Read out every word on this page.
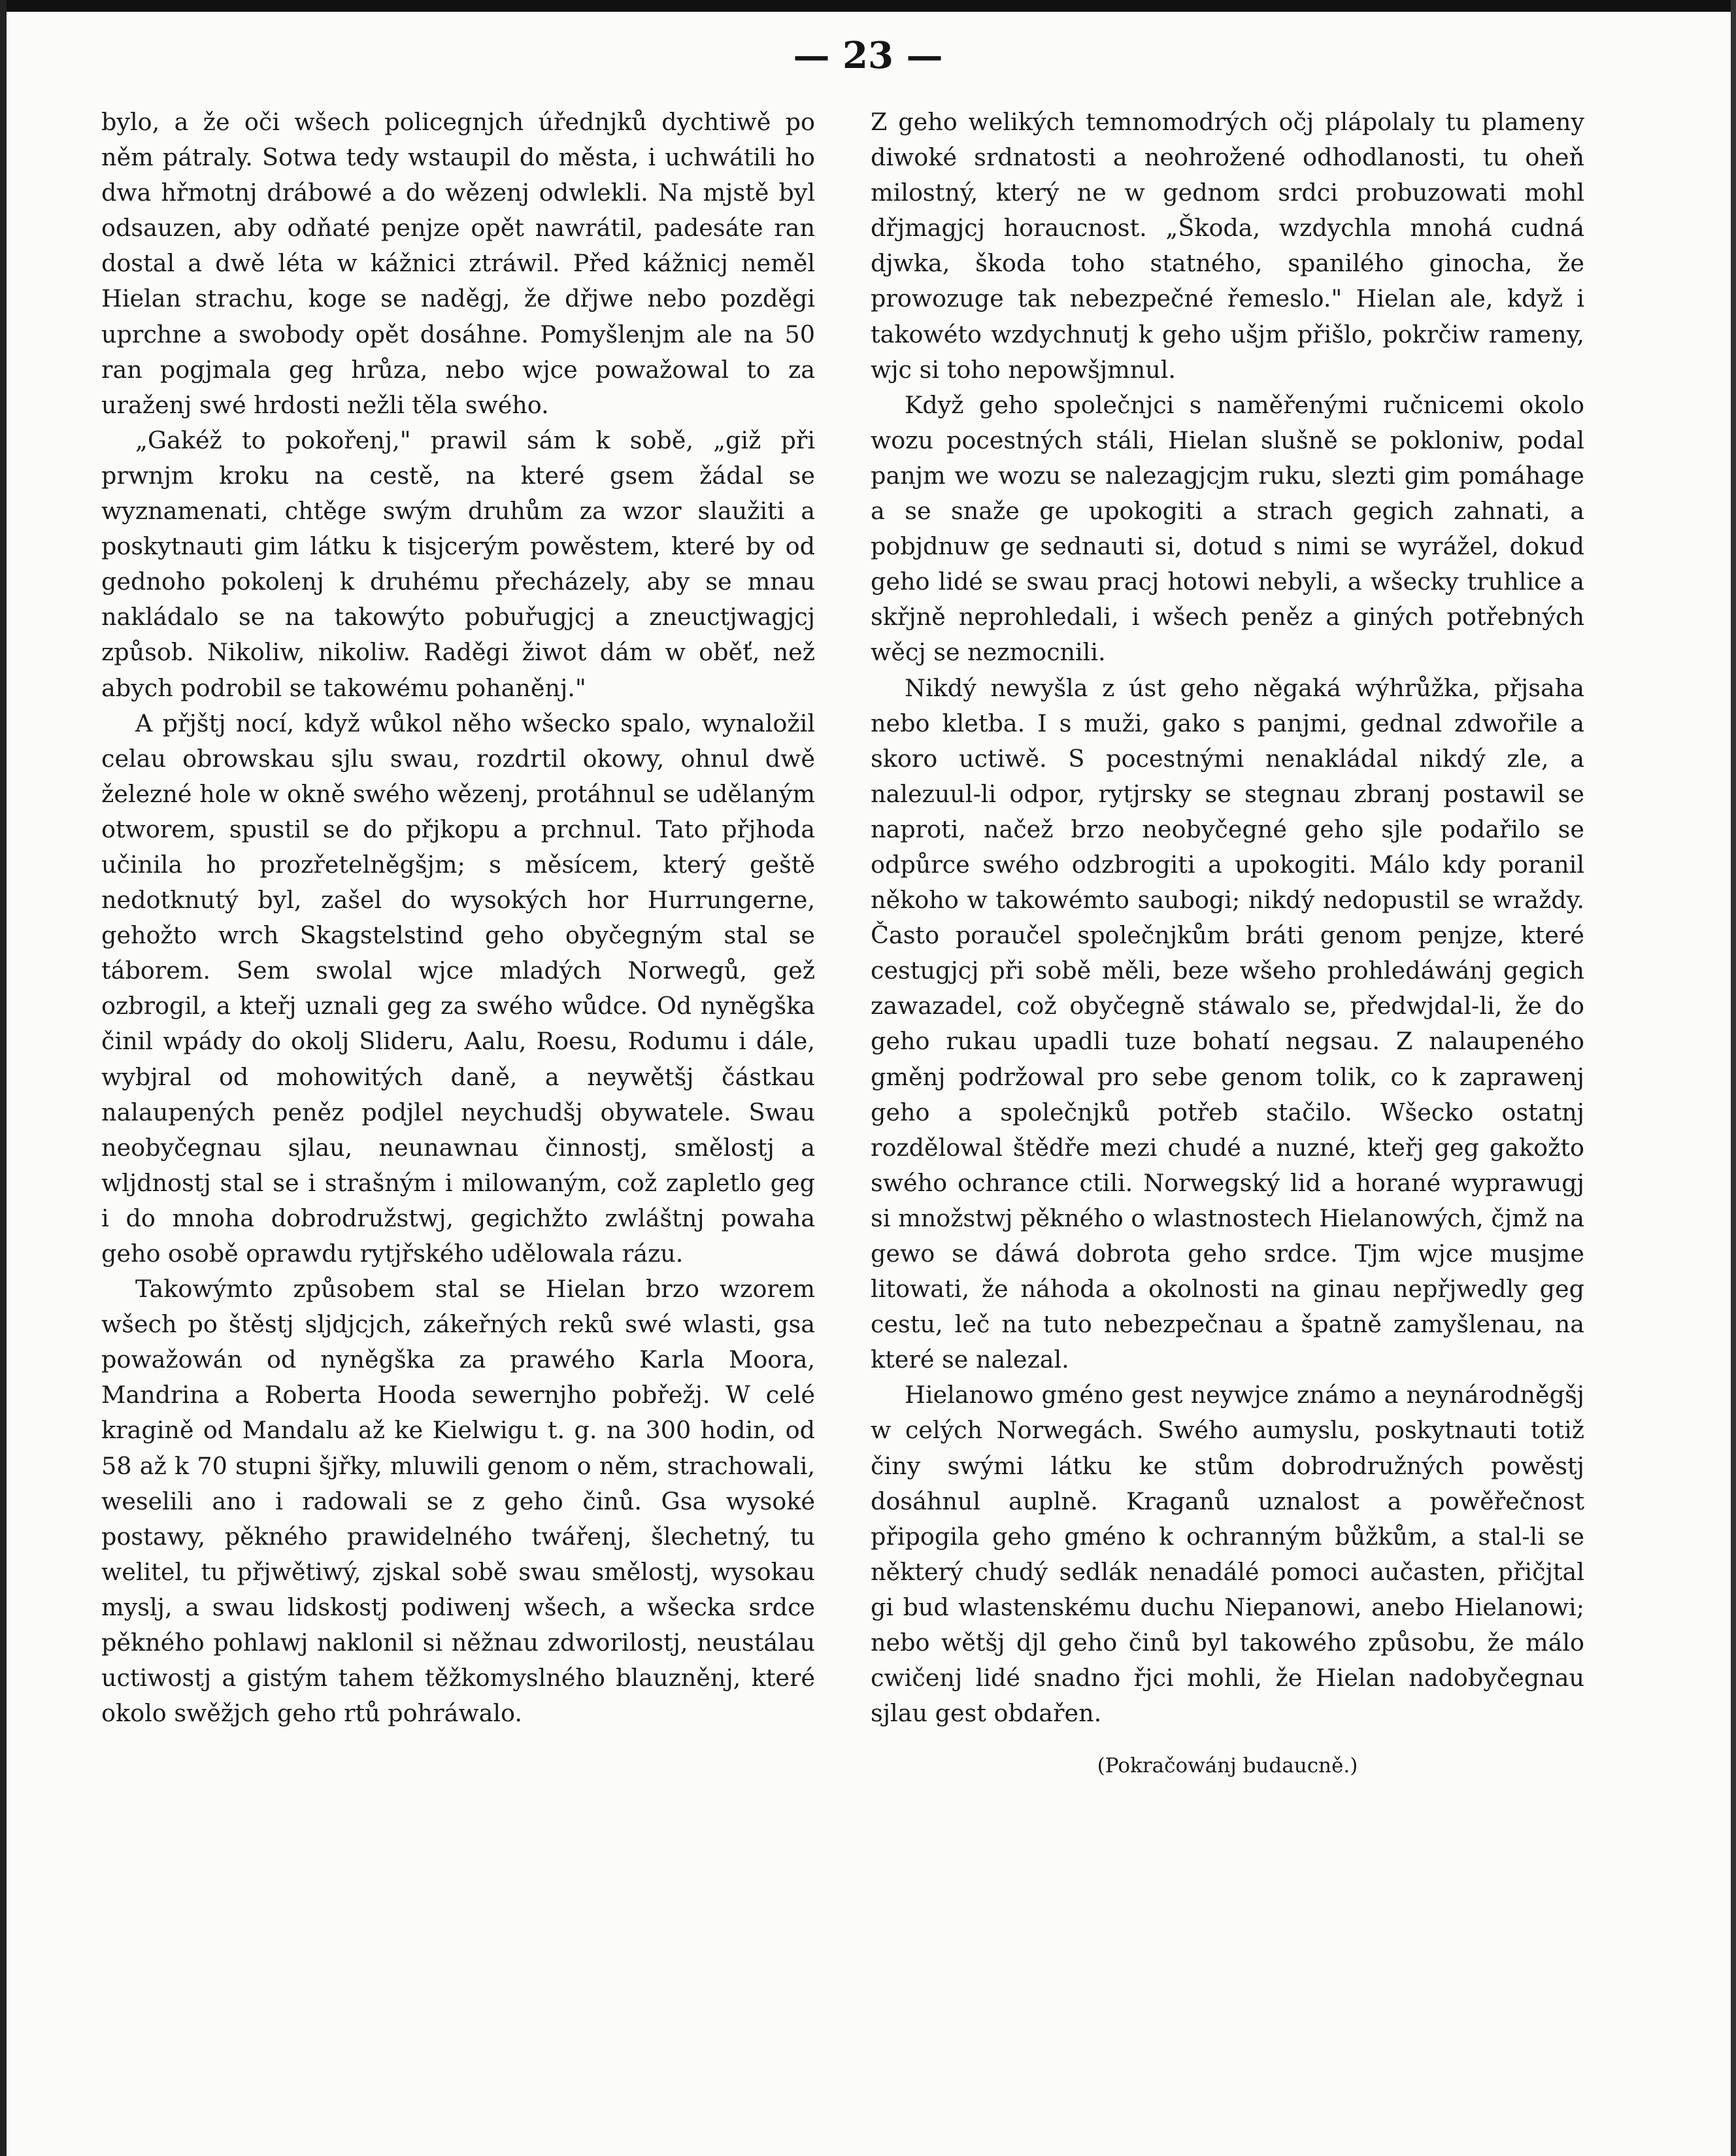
— 23 —

bylo, a že oči wšech policegnjch úřednjků dychtiwě po něm pátraly. Sotwa tedy wstaupil do města, i uchwátili ho dwa hřmotnj drábowé a do wězenj odwlekli. Na mjstě byl odsauzen, aby odňaté penjze opět nawrátil, padesáte ran dostal a dwě léta w kážnici ztráwil. Před kážnicj neměl Hielan strachu, koge se naděgj, že dřjwe nebo pozděgi uprchne a swobody opět dosáhne. Pomyšlenjm ale na 50 ran pogjmala geg hrůza, nebo wjce powažowal to za uraženj swé hrdosti nežli těla swého.

„Gakéž to pokořenj," prawil sám k sobě, „giž při prwnjm kroku na cestě, na které gsem žádal se wyznamenati, chtěge swým druhům za wzor slaužiti a poskytnauti gim látku k tisjcerým powěstem, které by od gednoho pokolenj k druhému přecházely, aby se mnau nakládalo se na takowýto pobuřugjcj a zneuctjwagjcj způsob. Nikoliw, nikoliw. Raděgi žiwot dám w oběť, než abych podrobil se takowému pohaněnj."

A přjštj nocí, když wůkol něho wšecko spalo, wynaložil celau obrowskau sjlu swau, rozdrtil okowy, ohnul dwě železné hole w okně swého wězenj, protáhnul se udělaným otworem, spustil se do přjkopu a prchnul. Tato přjhoda učinila ho prozřetelněgšjm; s měsícem, který geště nedotknutý byl, zašel do wysokých hor Hurrungerne, gehožto wrch Skagstelstind geho obyčegným stal se táborem. Sem swolal wjce mladých Norwegů, gež ozbrogil, a kteřj uznali geg za swého wůdce. Od nyněgška činil wpády do okolj Slideru, Aalu, Roesu, Rodumu i dále, wybjral od mohowitých daně, a neywětšj částkau nalaupených peněz podjlel neychudšj obywatele. Swau neobyčegnau sjlau, neunawnau činnostj, smělostj a wljdnostj stal se i strašným i milowaným, což zapletlo geg i do mnoha dobrodružstwj, gegichžto zwláštnj powaha geho osobě oprawdu rytjřského udělowala rázu.

Takowýmto způsobem stal se Hielan brzo wzorem wšech po štěstj sljdjcjch, zákeřných reků swé wlasti, gsa powažowán od nyněgška za prawého Karla Moora, Mandrina a Roberta Hooda sewernjho pobřežj. W celé kragině od Mandalu až ke Kielwigu t. g. na 300 hodin, od 58 až k 70 stupni šjřky, mluwili genom o něm, strachowali, weselili ano i radowali se z geho činů. Gsa wysoké postawy, pěkného prawidelného twářenj, šlechetný, tu welitel, tu přjwětiwý, zjskal sobě swau smělostj, wysokau myslj, a swau lidskostj podiwenj wšech, a wšecka srdce pěkného pohlawj naklonil si něžnau zdworilostj, neustálau uctiwostj a gistým tahem těžkomyslného blauzněnj, které okolo swěžjch geho rtů pohráwalo.

Z geho welikých temnomodrých očj plápolaly tu plameny diwoké srdnatosti a neohrožené odhodlanosti, tu oheň milostný, který ne w gednom srdci probuzowati mohl dřjmagjcj horaucnost. „Škoda, wzdychla mnohá cudná djwka, škoda toho statného, spanilého ginocha, že prowozuge tak nebezpečné řemeslo." Hielan ale, když i takowéto wzdychnutj k geho ušjm přišlo, pokrčiw rameny, wjc si toho nepowšjmnul.

Když geho společnjci s naměřenými ručnicemi okolo wozu pocestných stáli, Hielan slušně se pokloniw, podal panjm we wozu se nalezagjcjm ruku, slezti gim pomáhage a se snaže ge upokogiti a strach gegich zahnati, a pobjdnuw ge sednauti si, dotud s nimi se wyrážel, dokud geho lidé se swau pracj hotowi nebyli, a wšecky truhlice a skřjně neprohledali, i wšech peněz a giných potřebných wěcj se nezmocnili.

Nikdý newyšla z úst geho něgaká wýhrůžka, přjsaha nebo kletba. I s muži, gako s panjmi, gednal zdwořile a skoro uctiwě. S pocestnými nenakládal nikdý zle, a nalezuul-li odpor, rytjrsky se stegnau zbranj postawil se naproti, načež brzo neobyčegné geho sjle podařilo se odpůrce swého odzbrogiti a upokogiti. Málo kdy poranil někoho w takowémto saubogi; nikdý nedopustil se wraždy. Často poraučel společnjkům bráti genom penjze, které cestugjcj při sobě měli, beze wšeho prohledáwánj gegich zawazadel, což obyčegně stáwalo se, předwjdal-li, že do geho rukau upadli tuze bohatí negsau. Z nalaupeného gměnj podržowal pro sebe genom tolik, co k zaprawenj geho a společnjků potřeb stačilo. Wšecko ostatnj rozdělowal štědře mezi chudé a nuzné, kteřj geg gakožto swého ochrance ctili. Norwegský lid a horané wyprawugj si množstwj pěkného o wlastnostech Hielanowých, čjmž na gewo se dáwá dobrota geho srdce. Tjm wjce musjme litowati, že náhoda a okolnosti na ginau nepřjwedly geg cestu, leč na tuto nebezpečnau a špatně zamyšlenau, na které se nalezal.

Hielanowo gméno gest neywjce známo a neynárodněgšj w celých Norwegách. Swého aumyslu, poskytnauti totiž činy swými látku ke stům dobrodružných powěstj dosáhnul auplně. Kraganů uznalost a powěřečnost připogila geho gméno k ochranným bůžkům, a stal-li se některý chudý sedlák nenadálé pomoci aučasten, přičjtal gi bud wlastenskému duchu Niepanowi, anebo Hielanowi; nebo wětšj djl geho činů byl takowého způsobu, že málo cwičenj lidé snadno řjci mohli, že Hielan nadobyčegnau sjlau gest obdařen.

(Pokračowánj budaucně.)
